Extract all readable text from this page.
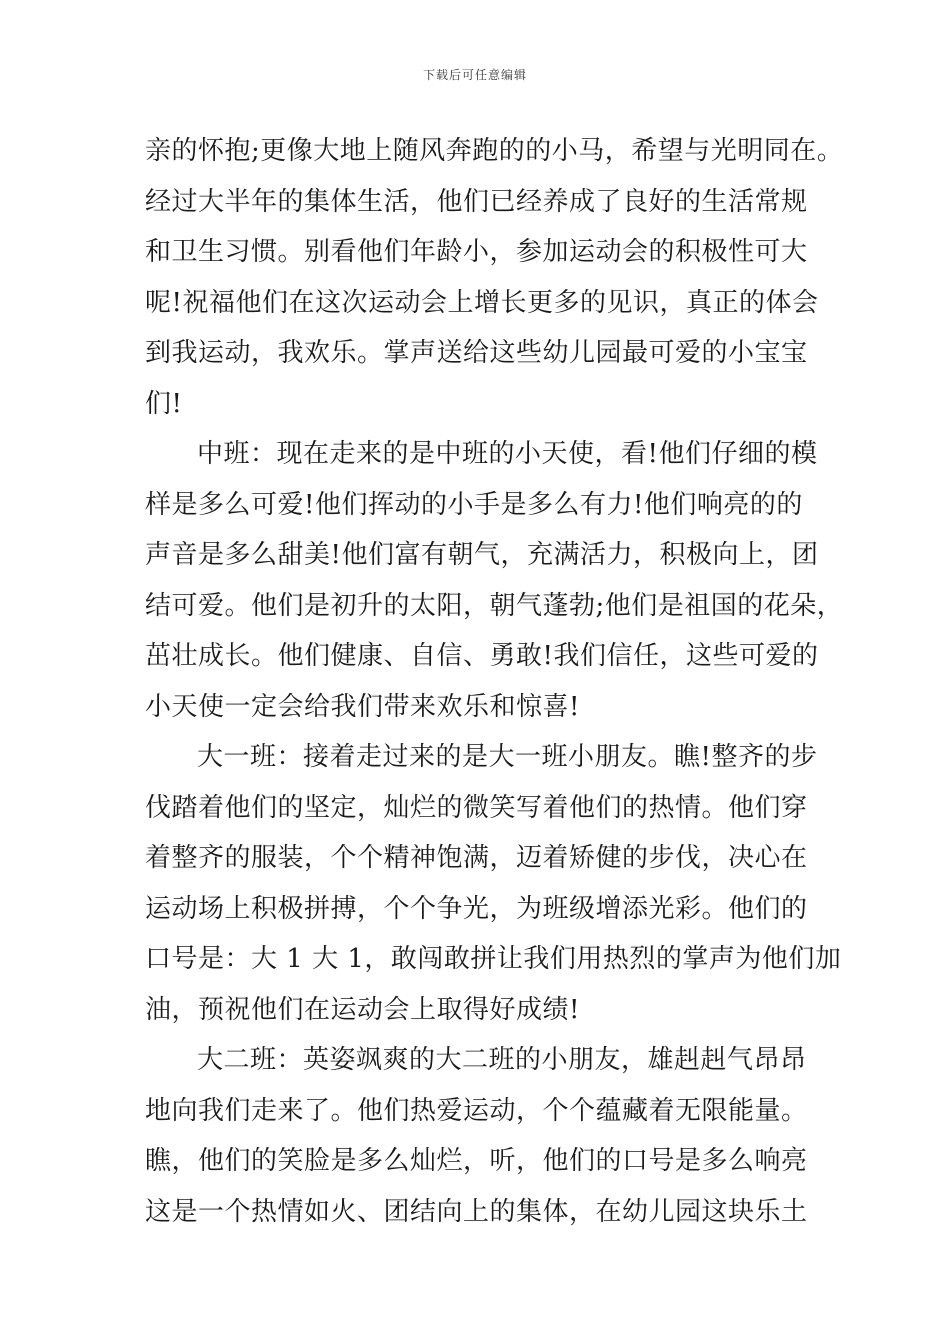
下载后可任意编辑
亲的怀抱;更像大地上随风奔跑的的小马，希望与光明同在。
经过大半年的集体生活，他们已经养成了良好的生活常规
和卫生习惯。别看他们年龄小，参加运动会的积极性可大
呢!祝福他们在这次运动会上增长更多的见识，真正的体会
到我运动，我欢乐。掌声送给这些幼儿园最可爱的小宝宝
们!
中班：现在走来的是中班的小天使，看!他们仔细的模
样是多么可爱!他们挥动的小手是多么有力!他们响亮的的
声音是多么甜美!他们富有朝气，充满活力，积极向上，团
结可爱。他们是初升的太阳，朝气蓬勃;他们是祖国的花朵，
茁壮成长。他们健康、自信、勇敢!我们信任，这些可爱的
小天使一定会给我们带来欢乐和惊喜!
大一班：接着走过来的是大一班小朋友。瞧!整齐的步
伐踏着他们的坚定，灿烂的微笑写着他们的热情。他们穿
着整齐的服装，个个精神饱满，迈着矫健的步伐，决心在
运动场上积极拼搏，个个争光，为班级增添光彩。他们的
口号是：大 1 大 1，敢闯敢拼让我们用热烈的掌声为他们加
油，预祝他们在运动会上取得好成绩!
大二班：英姿飒爽的大二班的小朋友，雄赳赳气昂昂
地向我们走来了。他们热爱运动，个个蕴藏着无限能量。
瞧，他们的笑脸是多么灿烂，听，他们的口号是多么响亮
这是一个热情如火、团结向上的集体，在幼儿园这块乐土
